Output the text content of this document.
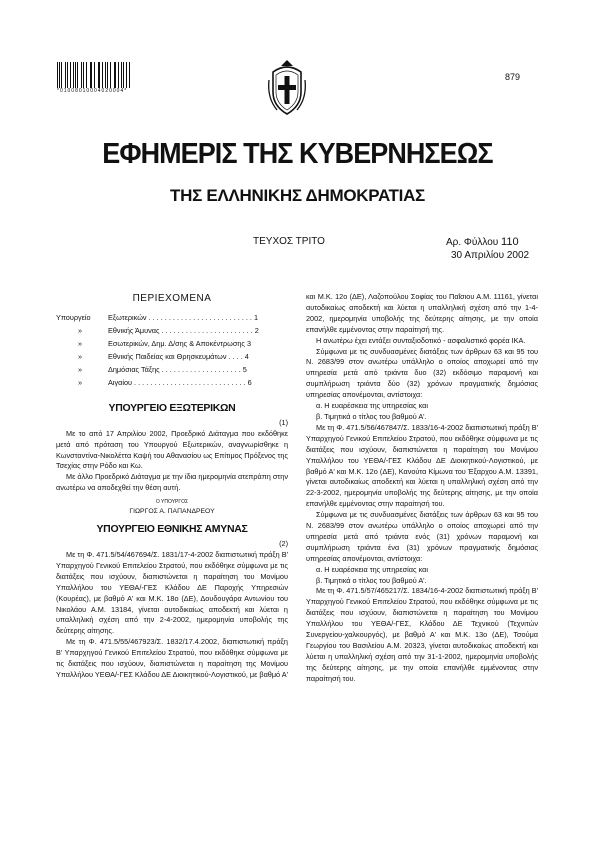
*01008010004020004*
879
ΕΦΗΜΕΡΙΣ ΤΗΣ ΚΥΒΕΡΝΗΣΕΩΣ
ΤΗΣ ΕΛΛΗΝΙΚΗΣ ΔΗΜΟΚΡΑΤΙΑΣ
ΤΕΥΧΟΣ ΤΡΙΤΟ	Αρ. Φύλλου 110
30 Απριλίου 2002
ΠΕΡΙΕΧΟΜΕΝΑ
Υπουργείο	Εξωτερικών . . . . . . . . . . . . . . . . . . . . . . . . . . 1
»	Εθνικής Άμυνας . . . . . . . . . . . . . . . . . . . . . . . 2
»	Εσωτερικών, Δημ. Δ/σης & Αποκέντρωσης 3
»	Εθνικής Παιδείας και Θρησκευμάτων . . . . 4
»	Δημόσιας Τάξης . . . . . . . . . . . . . . . . . . . . 5
»	Αιγαίου . . . . . . . . . . . . . . . . . . . . . . . . . . . . 6
ΥΠΟΥΡΓΕΙΟ ΕΞΩΤΕΡΙΚΩΝ

(1)

Με το από 17 Απριλίου 2002, Προεδρικό Διάταγμα που εκδόθηκε μετά από πρόταση του Υπουργού Εξωτερικών, αναγνωρίσθηκε η Κωνσταντίνα-Νικολέττα Καψή του Αθανασίου ως Επίτιμος Πρόξενος της Τσεχίας στην Ρόδο και Κω.

Με άλλο Προεδρικό Διάταγμα με την ίδια ημερομηνία ατεπράπη στην ανωτέρω να αποδεχθεί την θέση αυτή.

Ο ΥΠΟΥΡΓΟΣ
ΓΙΩΡΓΟΣ Α. ΠΑΠΑΝΔΡΕΟΥ
ΥΠΟΥΡΓΕΙΟ ΕΘΝΙΚΗΣ ΑΜΥΝΑΣ

(2)

Με τη Φ. 471.5/54/467694/Σ. 1831/17-4-2002 διαπιστωτική πράξη Β' Υπαρχηγού Γενικού Επιτελείου Στρατού, που εκδόθηκε σύμφωνα με τις διατάξεις που ισχύουν, διαπιστώνεται η παραίτηση του Μονίμου Υπαλλήλου του ΥΕΘΑ/-ΓΕΣ Κλάδου ΔΕ Παροχής Υπηρεσιών (Κουρέας), με βαθμό Α' και Μ.Κ. 18ο (ΔΕ), Δουδουγάρα Αντωνίου του Νικολάου Α.Μ. 13184, γίνεται αυτοδικαίως αποδεκτή και λύεται η υπαλληλική σχέση από την 2-4-2002, ημερομηνία υποβολής της δεύτερης αίτησης.

Με τη Φ. 471.5/55/467923/Σ. 1832/17.4.2002, διαπιστωτική πράξη Β' Υπαρχηγού Γενικού Επιτελείου Στρατού, που εκδόθηκε σύμφωνα με τις διατάξεις που ισχύουν, διαπιστώνεται η παραίτηση της Μονίμου Υπαλλήλου ΥΕΘΑ/-ΓΕΣ Κλάδου ΔΕ Διοικητικού-Λογιστικού, με βαθμό Α'

και Μ.Κ. 12ο (ΔΕ), Λαζοπούλου Σοφίας του Παΐσιου Α.Μ. 11161, γίνεται αυτοδικαίως αποδεκτή και λύεται η υπαλληλική σχέση από την 1-4-2002, ημερομηνία υποβολής της δεύτερης αίτησης, με την οποία επανήλθε εμμένοντας στην παραίτησή της.

Η ανωτέρω έχει εντάξει συνταξιοδοτικό - ασφαλιστικό φορέα ΙΚΑ.

Σύμφωνα με τις συνδυασμένες διατάξεις των άρθρων 63 και 95 του Ν. 2683/99 στον ανωτέρω υπάλληλο ο οποίος αποχωρεί από την υπηρεσία μετά από τριάντα δυο (32) εκδόσιμο παραμονή και συμπλήρωση τριάντα δύο (32) χρόνων πραγματικής δημόσιας υπηρεσίας απονέμονται, αντίστοιχα:

α. Η ευαρέσκεια της υπηρεσίας και

β. Τιμητικά ο τίτλος του βαθμού Α'.

Με τη Φ. 471.5/56/467847/Σ. 1833/16-4-2002 διαπιστωτική πράξη Β' Υπαρχηγού Γενικού Επιτελείου Στρατού, που εκδόθηκε σύμφωνα με τις διατάξεις που ισχύουν, διαπιστώνεται η παραίτηση του Μονίμου Υπαλλήλου του ΥΕΘΑ/-ΓΕΣ Κλάδου ΔΕ Διοικητικού-Λογιστικού, με βαθμό Α' και Μ.Κ. 12ο (ΔΕ), Κανούτα Κίμωνα του Έξαρχου Α.Μ. 13391, γίνεται αυτοδικαίως αποδεκτή και λύεται η υπαλληλική σχέση από την 22-3-2002, ημερομηνία υποβολής της δεύτερης αίτησης, με την οποία επανήλθε εμμένοντας στην παραίτησή του.

Σύμφωνα με τις συνδυασμένες διατάξεις των άρθρων 63 και 95 του Ν. 2683/99 στον ανωτέρω υπάλληλο ο οποίος αποχωρεί από την υπηρεσία μετά από τριάντα ενός (31) χρόνων παραμονή και συμπλήρωση τριάντα ένα (31) χρόνων πραγματικής δημόσιας υπηρεσίας απονέμονται, αντίστοιχα:

α. Η ευαρέσκεια της υπηρεσίας και

β. Τιμητικά ο τίτλος του βαθμού Α'.

Με τη Φ. 471.5/57/465217/Σ. 1834/16-4-2002 διαπιστωτική πράξη Β' Υπαρχηγού Γενικού Επιτελείου Στρατού, που εκδόθηκε σύμφωνα με τις διατάξεις που ισχύουν, διαπιστώνεται η παραίτηση του Μονίμου Υπαλλήλου του ΥΕΘΑ/-ΓΕΣ, Κλάδου ΔΕ Τεχνικού (Τεχνιτών Συνεργείου-χαλκουργός), με βαθμό Α' και Μ.Κ. 13ο (ΔΕ), Τσούμα Γεωργίου του Βασιλείου Α.Μ. 20323, γίνεται αυτοδικαίως αποδεκτή και λύεται η υπαλληλική σχέση από την 31-1-2002, ημερομηνία υποβολής της δεύτερης αίτησης, με την οποία επανήλθε εμμένοντας στην παραίτησή του.
